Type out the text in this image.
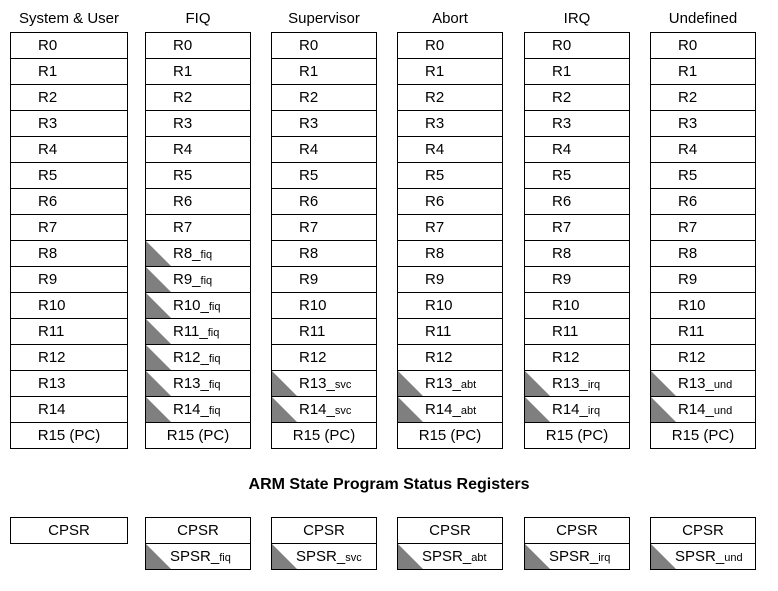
System & User
R0
R1
R2
R3
R4
R5
R6
R7
R8
R9
R10
R11
R12
R13
R14
R15 (PC)
CPSR
FIQ
R0
R1
R2
R3
R4
R5
R6
R7
R8_fiq
R9_fiq
R10_fiq
R11_fiq
R12_fiq
R13_fiq
R14_fiq
R15 (PC)
CPSR
SPSR_fiq
Supervisor
R0
R1
R2
R3
R4
R5
R6
R7
R8
R9
R10
R11
R12
R13_svc
R14_svc
R15 (PC)
CPSR
SPSR_svc
Abort
R0
R1
R2
R3
R4
R5
R6
R7
R8
R9
R10
R11
R12
R13_abt
R14_abt
R15 (PC)
CPSR
SPSR_abt
IRQ
R0
R1
R2
R3
R4
R5
R6
R7
R8
R9
R10
R11
R12
R13_irq
R14_irq
R15 (PC)
CPSR
SPSR_irq
Undefined
R0
R1
R2
R3
R4
R5
R6
R7
R8
R9
R10
R11
R12
R13_und
R14_und
R15 (PC)
CPSR
SPSR_und
ARM State Program Status Registers
